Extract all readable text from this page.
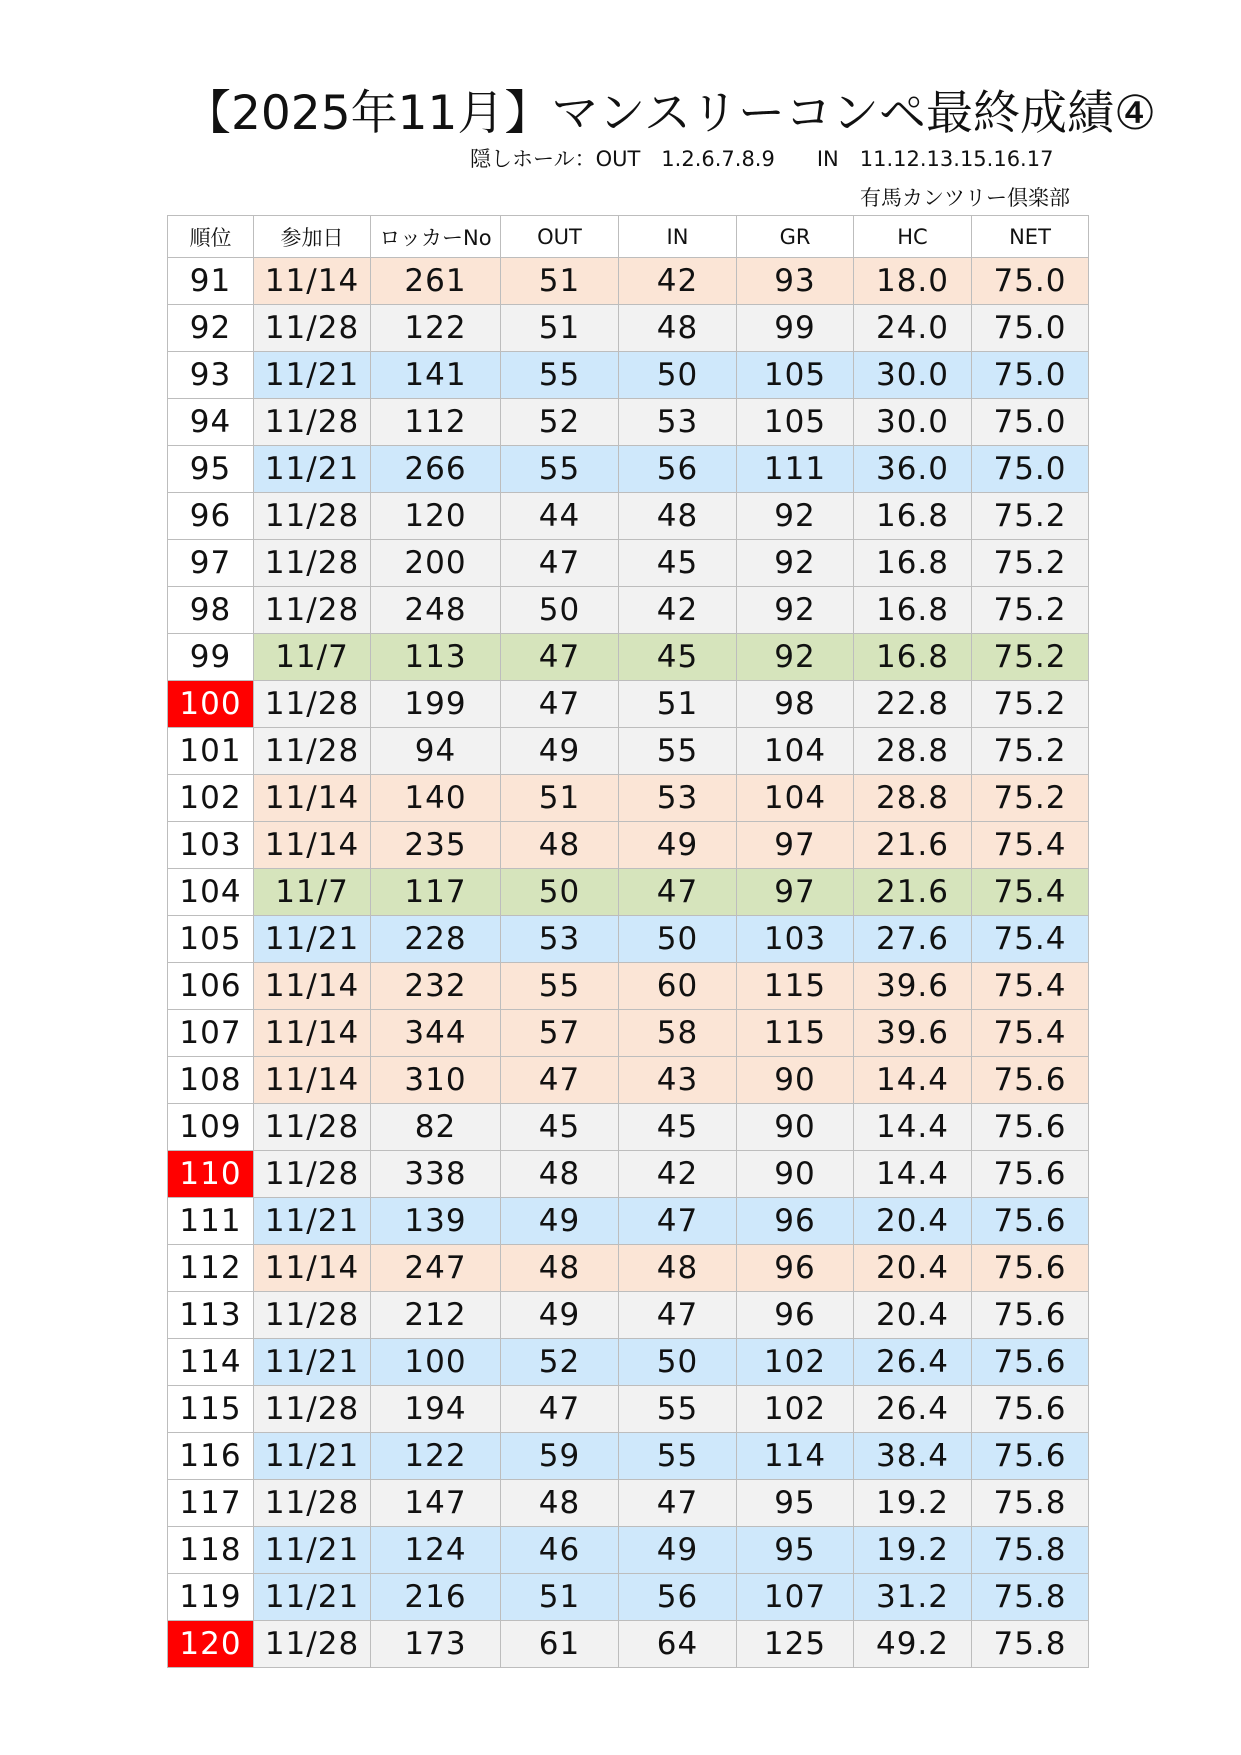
【2025年11月】マンスリーコンペ最終成績④
隠しホール：OUT　1.2.6.7.8.9　　IN　11.12.13.15.16.17
有馬カンツリー倶楽部
順位	参加日	ロッカーNo	OUT	IN	GR	HC	NET
91	11/14	261	51	42	93	18.0	75.0
92	11/28	122	51	48	99	24.0	75.0
93	11/21	141	55	50	105	30.0	75.0
94	11/28	112	52	53	105	30.0	75.0
95	11/21	266	55	56	111	36.0	75.0
96	11/28	120	44	48	92	16.8	75.2
97	11/28	200	47	45	92	16.8	75.2
98	11/28	248	50	42	92	16.8	75.2
99	11/7	113	47	45	92	16.8	75.2
100	11/28	199	47	51	98	22.8	75.2
101	11/28	94	49	55	104	28.8	75.2
102	11/14	140	51	53	104	28.8	75.2
103	11/14	235	48	49	97	21.6	75.4
104	11/7	117	50	47	97	21.6	75.4
105	11/21	228	53	50	103	27.6	75.4
106	11/14	232	55	60	115	39.6	75.4
107	11/14	344	57	58	115	39.6	75.4
108	11/14	310	47	43	90	14.4	75.6
109	11/28	82	45	45	90	14.4	75.6
110	11/28	338	48	42	90	14.4	75.6
111	11/21	139	49	47	96	20.4	75.6
112	11/14	247	48	48	96	20.4	75.6
113	11/28	212	49	47	96	20.4	75.6
114	11/21	100	52	50	102	26.4	75.6
115	11/28	194	47	55	102	26.4	75.6
116	11/21	122	59	55	114	38.4	75.6
117	11/28	147	48	47	95	19.2	75.8
118	11/21	124	46	49	95	19.2	75.8
119	11/21	216	51	56	107	31.2	75.8
120	11/28	173	61	64	125	49.2	75.8
